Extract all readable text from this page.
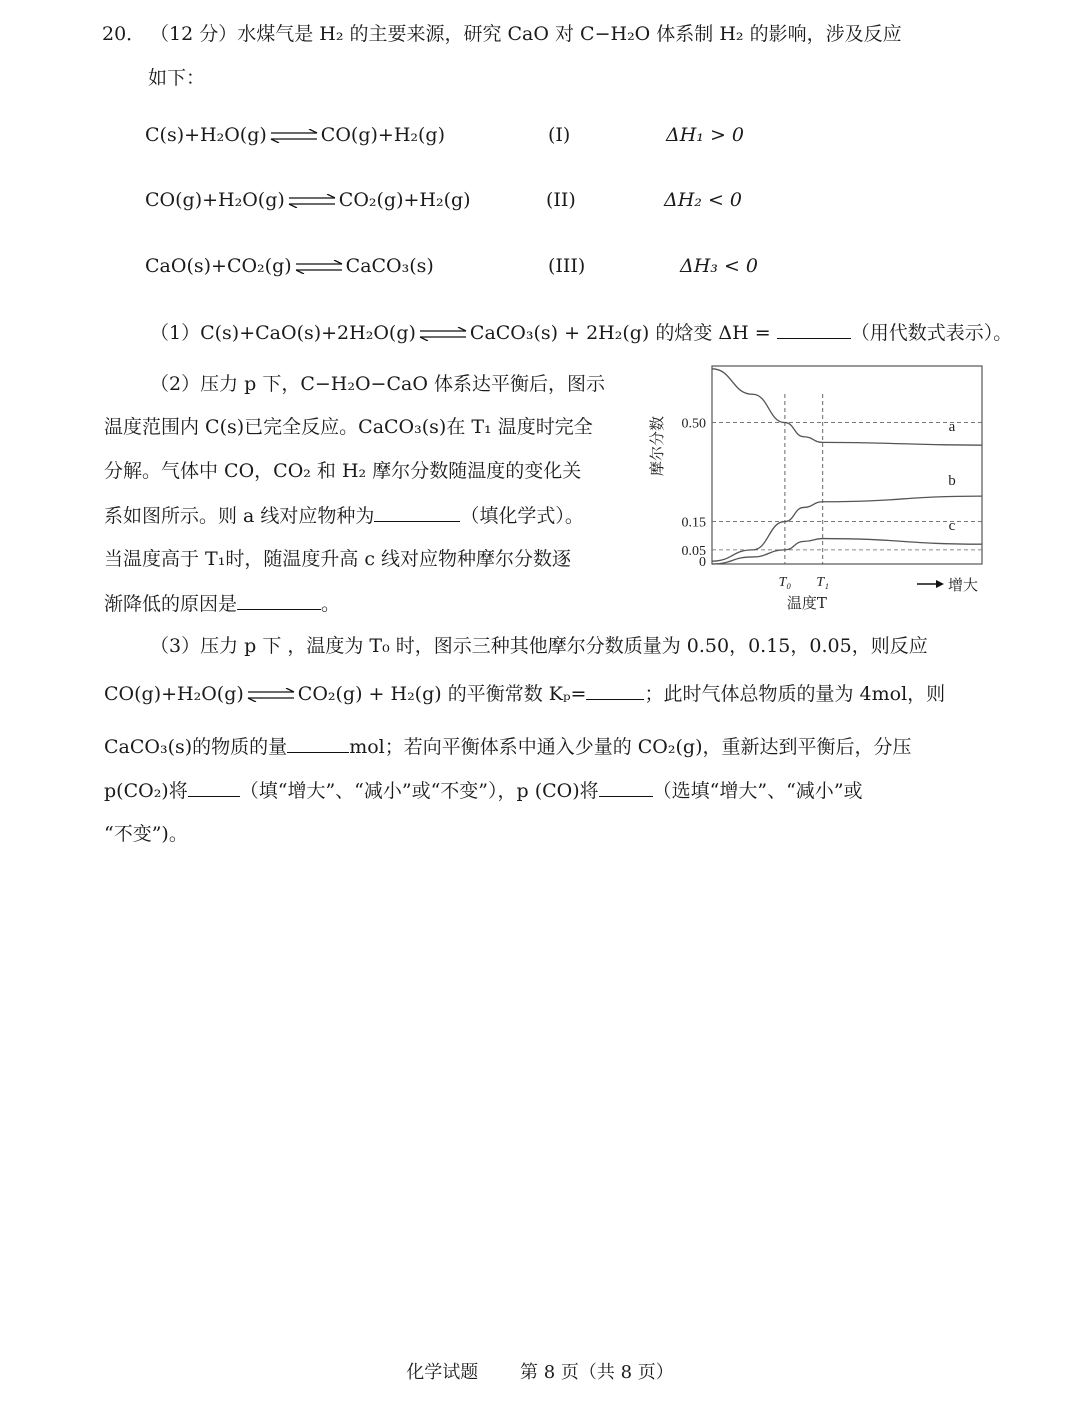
20． （12 分）水煤气是 H₂ 的主要来源，研究 CaO 对 C−H₂O 体系制 H₂ 的影响，涉及反应
如下：
C(s)+H₂O(g) ⇌ CO(g)+H₂(g)	(I)	ΔH₁ > 0
CO(g)+H₂O(g) ⇌ CO₂(g)+H₂(g)	(II)	ΔH₂ < 0
CaO(s)+CO₂(g) ⇌ CaCO₃(s)	(III)	ΔH₃ < 0
（1）C(s)+CaO(s)+2H₂O(g) ⇌ CaCO₃(s) + 2H₂(g) 的焓变 ΔH =	（用代数式表示）。
（2）压力 p 下，C−H₂O−CaO 体系达平衡后，图示
温度范围内 C(s)已完全反应。CaCO₃(s)在 T₁ 温度时完全
分解。气体中 CO，CO₂ 和 H₂ 摩尔分数随温度的变化关
系如图所示。则 a 线对应物种为	（填化学式）。
当温度高于 T₁时，随温度升高 c 线对应物种摩尔分数逐
渐降低的原因是	。
0.50
0.15
0.05
0
T₀ T₁
a
b
c
摩尔分数
温度T
增大
（3）压力 p 下 ，温度为 T₀ 时，图示三种其他摩尔分数质量为 0.50，0.15，0.05，则反应
CO(g)+H₂O(g) ⇌ CO₂(g) + H₂(g) 的平衡常数 Kₚ=	；此时气体总物质的量为 4mol，则
CaCO₃(s)的物质的量	mol；若向平衡体系中通入少量的 CO₂(g)，重新达到平衡后，分压
p(CO₂)将	（填“增大”、“减小”或“不变”），p (CO)将	（选填“增大”、“减小”或
“不变”)。
化学试题 第 8 页（共 8 页）
